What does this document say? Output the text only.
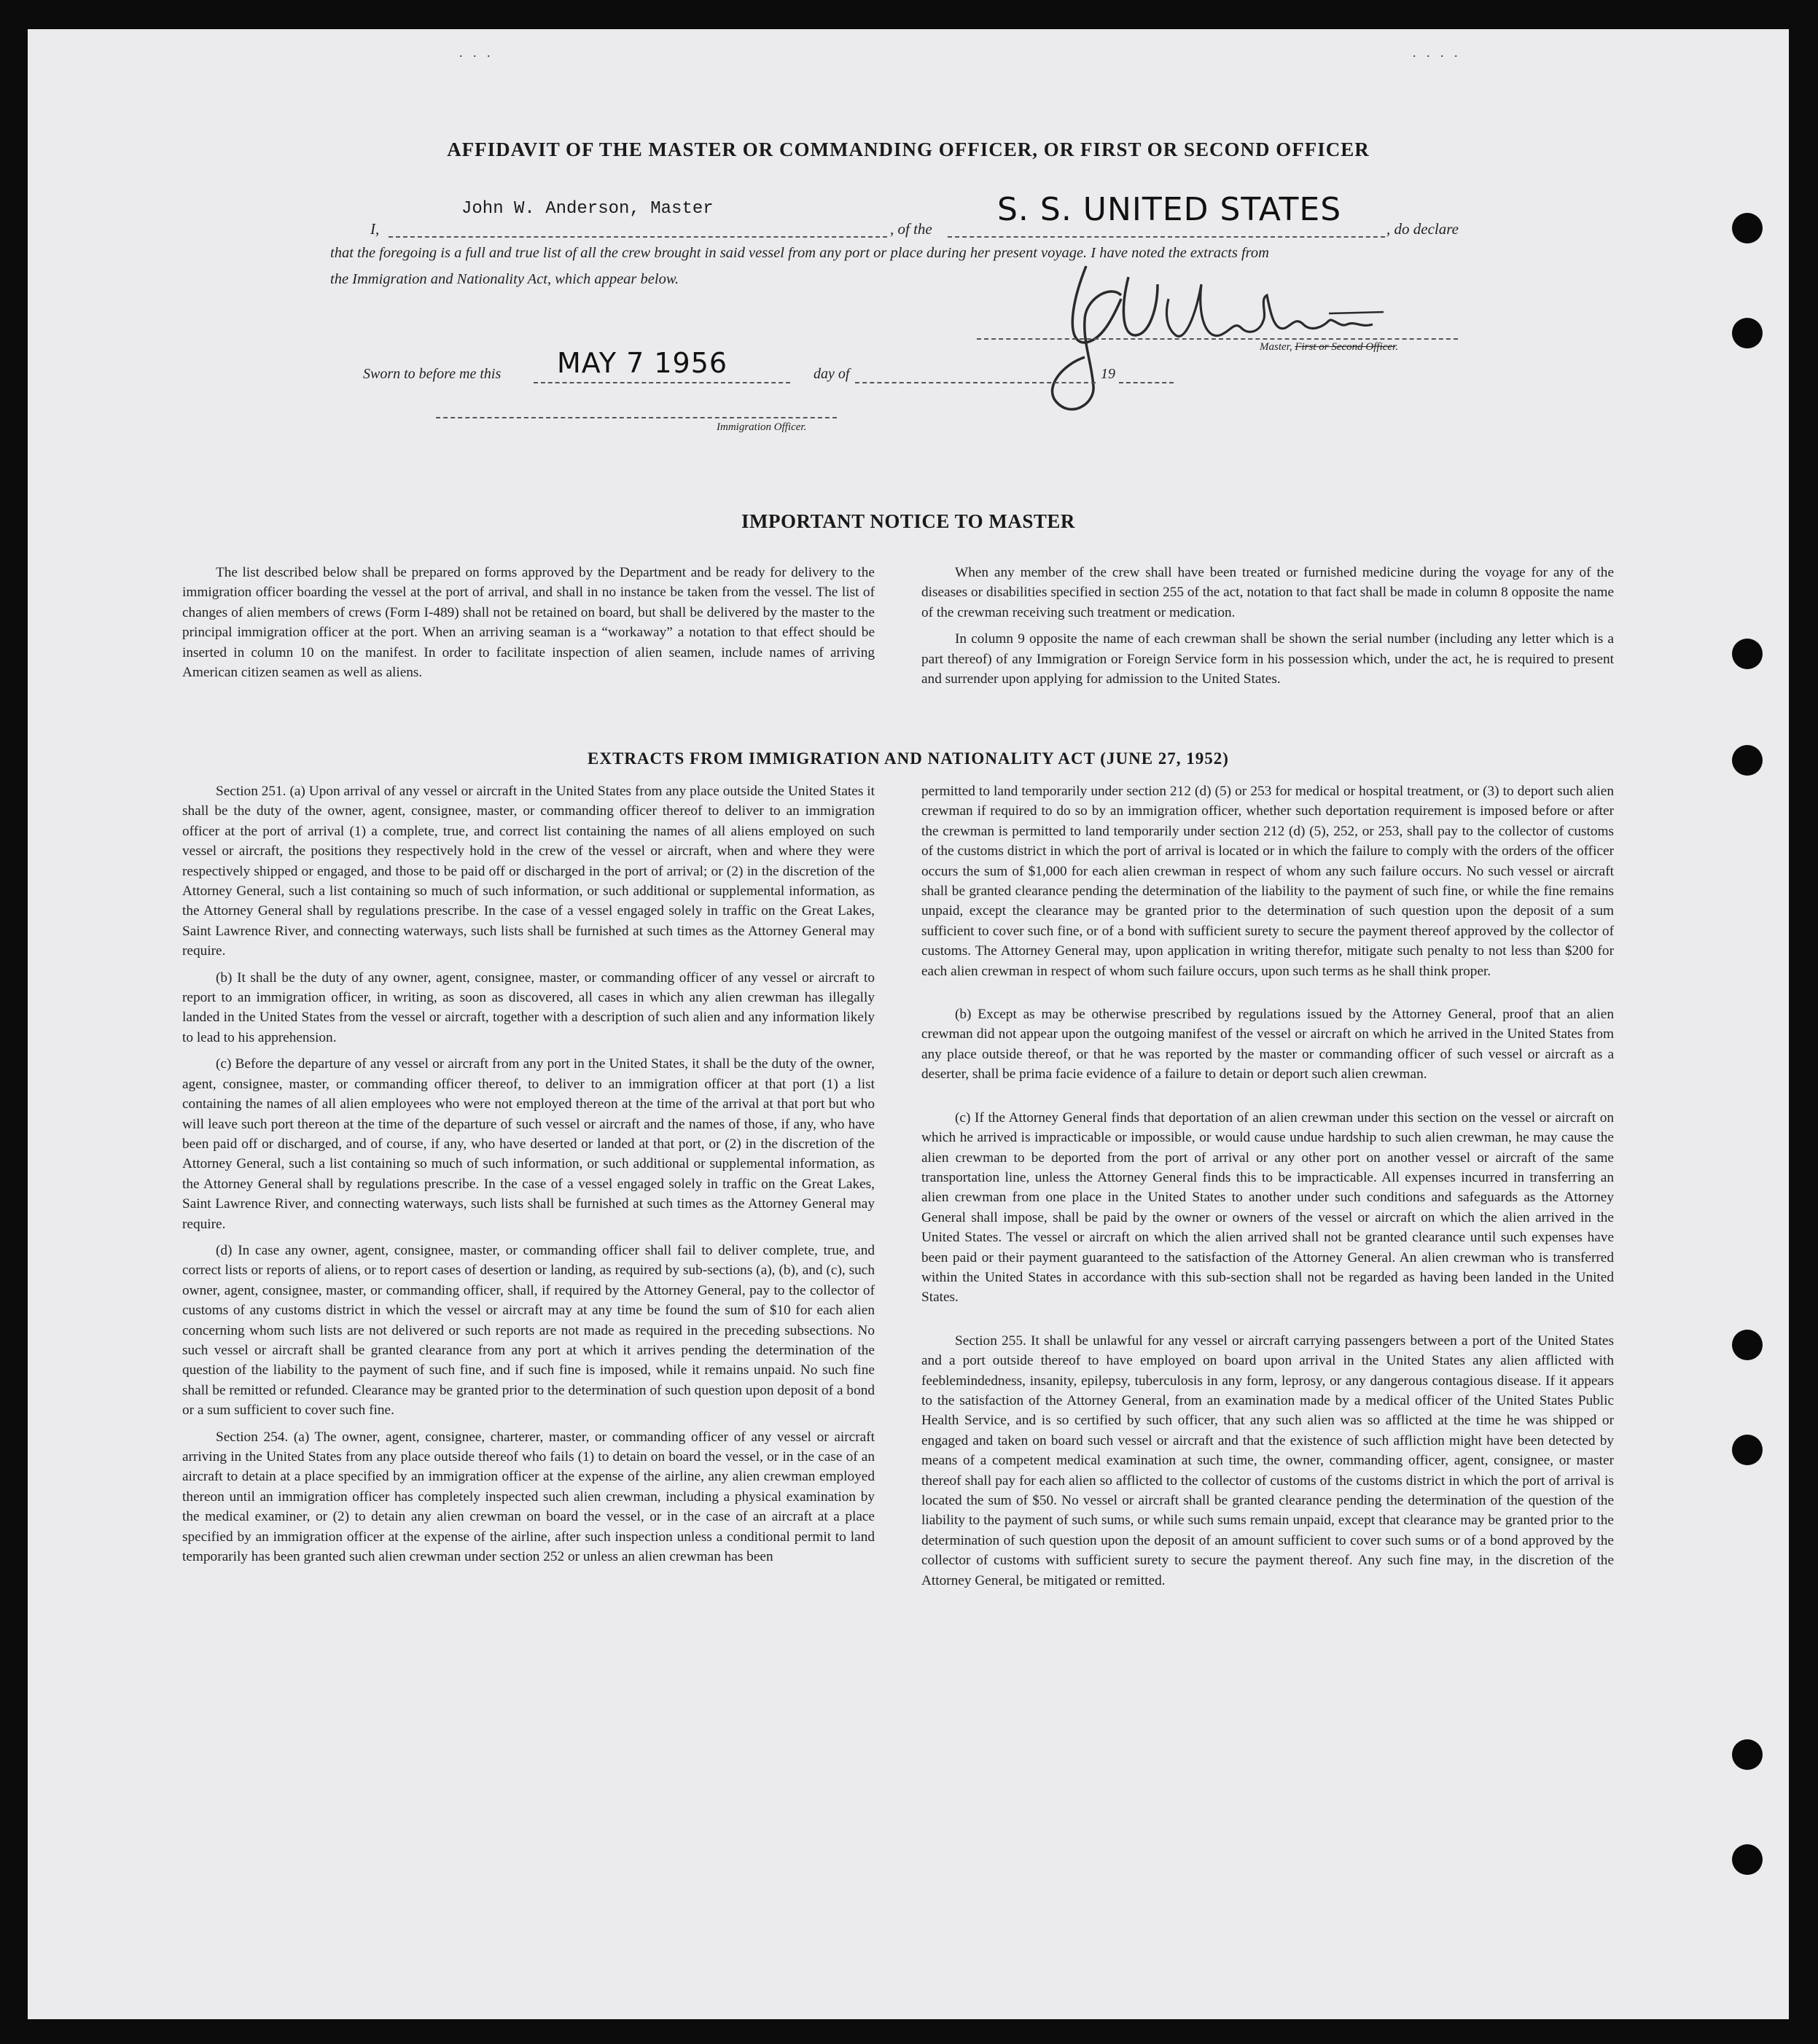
. . .	. . . .
AFFIDAVIT OF THE MASTER OR COMMANDING OFFICER, OR FIRST OR SECOND OFFICER
I,
John W. Anderson, Master
, of the
S. S. UNITED STATES
, do declare
that the foregoing is a full and true list of all the crew brought in said vessel from any port or place during her present voyage. I have noted the extracts from
the Immigration and Nationality Act, which appear below.
Master, First or Second Officer.
Sworn to before me this MAY 7 1956	day of	19
Immigration Officer.
IMPORTANT NOTICE TO MASTER

The list described below shall be prepared on forms approved by the Department and be ready for delivery to the immigration officer boarding the vessel at the port of arrival, and shall in no instance be taken from the vessel. The list of changes of alien members of crews (Form I-489) shall not be retained on board, but shall be delivered by the master to the principal immigration officer at the port. When an arriving seaman is a “workaway” a notation to that effect should be inserted in column 10 on the manifest. In order to facilitate inspection of alien seamen, include names of arriving American citizen seamen as well as aliens.

When any member of the crew shall have been treated or furnished medicine during the voyage for any of the diseases or disabilities specified in section 255 of the act, notation to that fact shall be made in column 8 opposite the name of the crewman receiving such treatment or medication.

In column 9 opposite the name of each crewman shall be shown the serial number (including any letter which is a part thereof) of any Immigration or Foreign Service form in his possession which, under the act, he is required to present and surrender upon applying for admission to the United States.

EXTRACTS FROM IMMIGRATION AND NATIONALITY ACT (JUNE 27, 1952)

Section 251. (a) Upon arrival of any vessel or aircraft in the United States from any place outside the United States it shall be the duty of the owner, agent, consignee, master, or commanding officer thereof to deliver to an immigration officer at the port of arrival (1) a complete, true, and correct list containing the names of all aliens employed on such vessel or aircraft, the positions they respectively hold in the crew of the vessel or aircraft, when and where they were respectively shipped or engaged, and those to be paid off or discharged in the port of arrival; or (2) in the discretion of the Attorney General, such a list containing so much of such information, or such additional or supplemental information, as the Attorney General shall by regulations prescribe. In the case of a vessel engaged solely in traffic on the Great Lakes, Saint Lawrence River, and connecting waterways, such lists shall be furnished at such times as the Attorney General may require.

(b) It shall be the duty of any owner, agent, consignee, master, or commanding officer of any vessel or aircraft to report to an immigration officer, in writing, as soon as discovered, all cases in which any alien crewman has illegally landed in the United States from the vessel or aircraft, together with a description of such alien and any information likely to lead to his apprehension.

(c) Before the departure of any vessel or aircraft from any port in the United States, it shall be the duty of the owner, agent, consignee, master, or commanding officer thereof, to deliver to an immigration officer at that port (1) a list containing the names of all alien employees who were not employed thereon at the time of the arrival at that port but who will leave such port thereon at the time of the departure of such vessel or aircraft and the names of those, if any, who have been paid off or discharged, and of course, if any, who have deserted or landed at that port, or (2) in the discretion of the Attorney General, such a list containing so much of such information, or such additional or supplemental information, as the Attorney General shall by regulations prescribe. In the case of a vessel engaged solely in traffic on the Great Lakes, Saint Lawrence River, and connecting waterways, such lists shall be furnished at such times as the Attorney General may require.

(d) In case any owner, agent, consignee, master, or commanding officer shall fail to deliver complete, true, and correct lists or reports of aliens, or to report cases of desertion or landing, as required by sub-sections (a), (b), and (c), such owner, agent, consignee, master, or commanding officer, shall, if required by the Attorney General, pay to the collector of customs of any customs district in which the vessel or aircraft may at any time be found the sum of $10 for each alien concerning whom such lists are not delivered or such reports are not made as required in the preceding subsections. No such vessel or aircraft shall be granted clearance from any port at which it arrives pending the determination of the question of the liability to the payment of such fine, and if such fine is imposed, while it remains unpaid. No such fine shall be remitted or refunded. Clearance may be granted prior to the determination of such question upon deposit of a bond or a sum sufficient to cover such fine.

Section 254. (a) The owner, agent, consignee, charterer, master, or commanding officer of any vessel or aircraft arriving in the United States from any place outside thereof who fails (1) to detain on board the vessel, or in the case of an aircraft to detain at a place specified by an immigration officer at the expense of the airline, any alien crewman employed thereon until an immigration officer has completely inspected such alien crewman, including a physical examination by the medical examiner, or (2) to detain any alien crewman on board the vessel, or in the case of an aircraft at a place specified by an immigration officer at the expense of the airline, after such inspection unless a conditional permit to land temporarily has been granted such alien crewman under section 252 or unless an alien crewman has been

permitted to land temporarily under section 212 (d) (5) or 253 for medical or hospital treatment, or (3) to deport such alien crewman if required to do so by an immigration officer, whether such deportation requirement is imposed before or after the crewman is permitted to land temporarily under section 212 (d) (5), 252, or 253, shall pay to the collector of customs of the customs district in which the port of arrival is located or in which the failure to comply with the orders of the officer occurs the sum of $1,000 for each alien crewman in respect of whom any such failure occurs. No such vessel or aircraft shall be granted clearance pending the determination of the liability to the payment of such fine, or while the fine remains unpaid, except the clearance may be granted prior to the determination of such question upon the deposit of a sum sufficient to cover such fine, or of a bond with sufficient surety to secure the payment thereof approved by the collector of customs. The Attorney General may, upon application in writing therefor, mitigate such penalty to not less than $200 for each alien crewman in respect of whom such failure occurs, upon such terms as he shall think proper.

(b) Except as may be otherwise prescribed by regulations issued by the Attorney General, proof that an alien crewman did not appear upon the outgoing manifest of the vessel or aircraft on which he arrived in the United States from any place outside thereof, or that he was reported by the master or commanding officer of such vessel or aircraft as a deserter, shall be prima facie evidence of a failure to detain or deport such alien crewman.

(c) If the Attorney General finds that deportation of an alien crewman under this section on the vessel or aircraft on which he arrived is impracticable or impossible, or would cause undue hardship to such alien crewman, he may cause the alien crewman to be deported from the port of arrival or any other port on another vessel or aircraft of the same transportation line, unless the Attorney General finds this to be impracticable. All expenses incurred in transferring an alien crewman from one place in the United States to another under such conditions and safeguards as the Attorney General shall impose, shall be paid by the owner or owners of the vessel or aircraft on which the alien arrived in the United States. The vessel or aircraft on which the alien arrived shall not be granted clearance until such expenses have been paid or their payment guaranteed to the satisfaction of the Attorney General. An alien crewman who is transferred within the United States in accordance with this sub-section shall not be regarded as having been landed in the United States.

Section 255. It shall be unlawful for any vessel or aircraft carrying passengers between a port of the United States and a port outside thereof to have employed on board upon arrival in the United States any alien afflicted with feeblemindedness, insanity, epilepsy, tuberculosis in any form, leprosy, or any dangerous contagious disease. If it appears to the satisfaction of the Attorney General, from an examination made by a medical officer of the United States Public Health Service, and is so certified by such officer, that any such alien was so afflicted at the time he was shipped or engaged and taken on board such vessel or aircraft and that the existence of such affliction might have been detected by means of a competent medical examination at such time, the owner, commanding officer, agent, consignee, or master thereof shall pay for each alien so afflicted to the collector of customs of the customs district in which the port of arrival is located the sum of $50. No vessel or aircraft shall be granted clearance pending the determination of the question of the liability to the payment of such sums, or while such sums remain unpaid, except that clearance may be granted prior to the determination of such question upon the deposit of an amount sufficient to cover such sums or of a bond approved by the collector of customs with sufficient surety to secure the payment thereof. Any such fine may, in the discretion of the Attorney General, be mitigated or remitted.
